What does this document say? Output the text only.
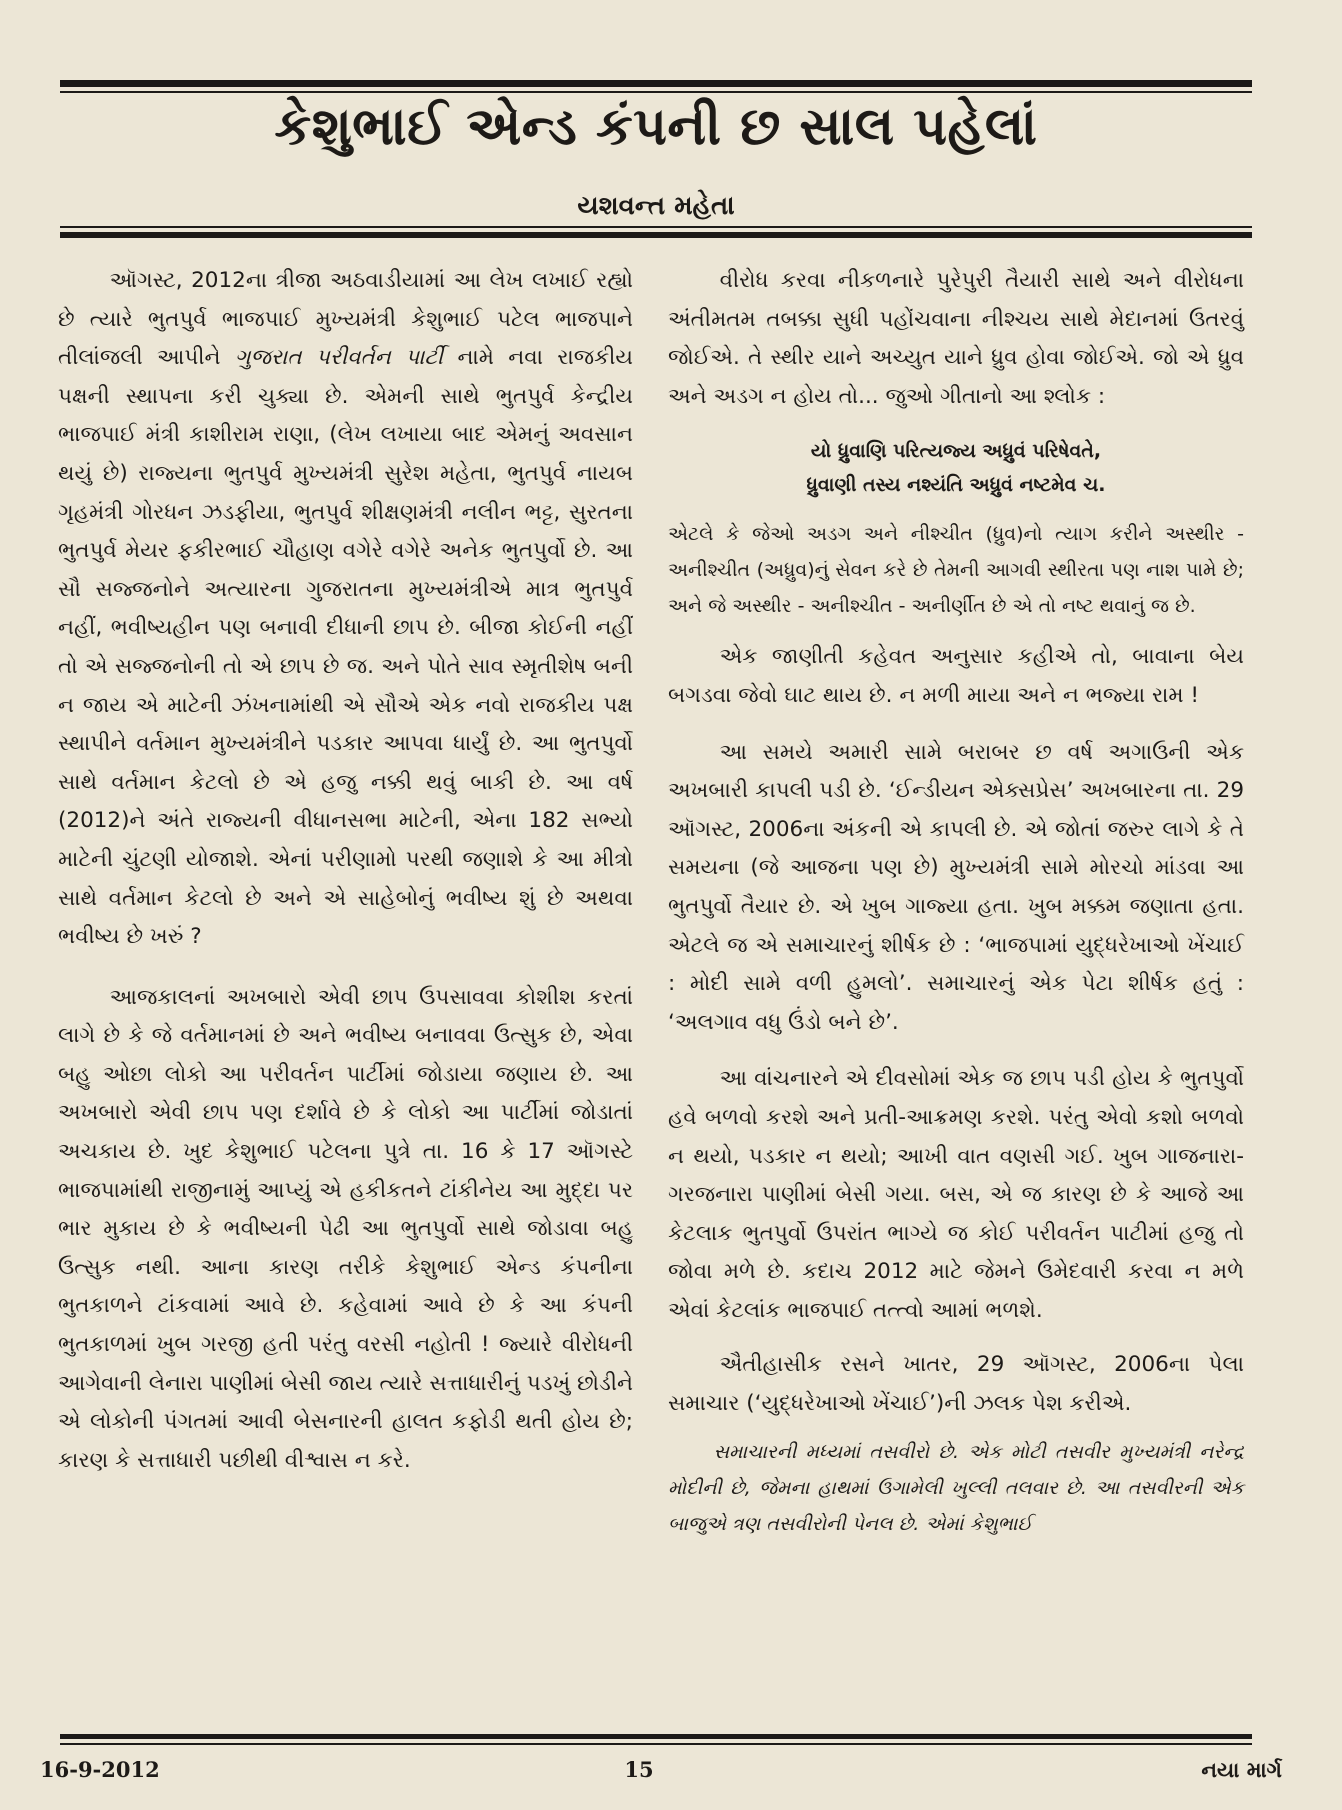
કેશુભાઈ એન્ડ કંપની છ સાલ પહેલાં
યશવન્ત મહેતા

ઑગસ્ટ, 2012ના ત્રીજા અઠવાડીયામાં આ લેખ લખાઈ રહ્યો છે ત્યારે ભુતપુર્વ ભાજપાઈ મુખ્યમંત્રી કેશુભાઈ પટેલ ભાજપાને તીલાંજલી આપીને ગુજરાત પરીવર્તન પાર્ટી નામે નવા રાજકીય પક્ષની સ્થાપના કરી ચુક્યા છે. એમની સાથે ભુતપુર્વ કેન્દ્રીય ભાજપાઈ મંત્રી કાશીરામ રાણા, (લેખ લખાયા બાદ એમનું અવસાન થયું છે) રાજ્યના ભુતપુર્વ મુખ્યમંત્રી સુરેશ મહેતા, ભુતપુર્વ નાયબ ગૃહમંત્રી ગોરધન ઝડફીયા, ભુતપુર્વ શીક્ષણમંત્રી નલીન ભટ્ટ, સુરતના ભુતપુર્વ મેયર ફકીરભાઈ ચૌહાણ વગેરે વગેરે અનેક ભુતપુર્વો છે. આ સૌ સજ્જનોને અત્યારના ગુજરાતના મુખ્યમંત્રીએ માત્ર ભુતપુર્વ નહીં, ભવીષ્યહીન પણ બનાવી દીધાની છાપ છે. બીજા કોઈની નહીં તો એ સજ્જનોની તો એ છાપ છે જ. અને પોતે સાવ સ્મૃતીશેષ બની ન જાય એ માટેની ઝંખનામાંથી એ સૌએ એક નવો રાજકીય પક્ષ સ્થાપીને વર્તમાન મુખ્યમંત્રીને પડકાર આપવા ધાર્યું છે. આ ભુતપુર્વો સાથે વર્તમાન કેટલો છે એ હજુ નક્કી થવું બાકી છે. આ વર્ષ (2012)ને અંતે રાજ્યની વીધાનસભા માટેની, એના 182 સભ્યો માટેની ચુંટણી યોજાશે. એનાં પરીણામો પરથી જણાશે કે આ મીત્રો સાથે વર્તમાન કેટલો છે અને એ સાહેબોનું ભવીષ્ય શું છે અથવા ભવીષ્ય છે ખરું ?

આજકાલનાં અખબારો એવી છાપ ઉપસાવવા કોશીશ કરતાં લાગે છે કે જે વર્તમાનમાં છે અને ભવીષ્ય બનાવવા ઉત્સુક છે, એવા બહુ ઓછા લોકો આ પરીવર્તન પાર્ટીમાં જોડાયા જણાય છે. આ અખબારો એવી છાપ પણ દર્શાવે છે કે લોકો આ પાર્ટીમાં જોડાતાં અચકાય છે. ખુદ કેશુભાઈ પટેલના પુત્રે તા. 16 કે 17 ઑગસ્ટે ભાજપામાંથી રાજીનામું આપ્યું એ હકીકતને ટાંકીનેય આ મુદ્દા પર ભાર મુકાય છે કે ભવીષ્યની પેઢી આ ભુતપુર્વો સાથે જોડાવા બહુ ઉત્સુક નથી. આના કારણ તરીકે કેશુભાઈ એન્ડ કંપનીના ભુતકાળને ટાંકવામાં આવે છે. કહેવામાં આવે છે કે આ કંપની ભુતકાળમાં ખુબ ગરજી હતી પરંતુ વરસી નહોતી ! જ્યારે વીરોધની આગેવાની લેનારા પાણીમાં બેસી જાય ત્યારે સત્તાધારીનું પડખું છોડીને એ લોકોની પંગતમાં આવી બેસનારની હાલત કફોડી થતી હોય છે; કારણ કે સત્તાધારી પછીથી વીશ્વાસ ન કરે.

વીરોધ કરવા નીકળનારે પુરેપુરી તૈયારી સાથે અને વીરોધના અંતીમતમ તબક્કા સુધી પહોંચવાના નીશ્ચય સાથે મેદાનમાં ઉતરવું જોઈએ. તે સ્થીર યાને અચ્યુત યાને ધ્રુવ હોવા જોઈએ. જો એ ધ્રુવ અને અડગ ન હોય તો... જુઓ ગીતાનો આ શ્લોક :

યો ધ્રુવાણિ પરિત્યજ્ય અધ્રુવં પરિષેવતે,
ધ્રુવાણી તસ્ય નશ્યંતિ અધ્રુવં નષ્ટમેવ ચ.
એટલે કે જેઓ અડગ અને નીશ્ચીત (ધ્રુવ)નો ત્યાગ કરીને અસ્થીર - અનીશ્ચીત (અધ્રુવ)નું સેવન કરે છે તેમની આગવી સ્થીરતા પણ નાશ પામે છે; અને જે અસ્થીર - અનીશ્ચીત - અનીર્ણીત છે એ તો નષ્ટ થવાનું જ છે.

એક જાણીતી કહેવત અનુસાર કહીએ તો, બાવાના બેય બગડવા જેવો ઘાટ થાય છે. ન મળી માયા અને ન ભજ્યા રામ !

આ સમયે અમારી સામે બરાબર છ વર્ષ અગાઉની એક અખબારી કાપલી પડી છે. ‘ઈન્ડીયન એક્સપ્રેસ’ અખબારના તા. 29 ઑગસ્ટ, 2006ના અંકની એ કાપલી છે. એ જોતાં જરુર લાગે કે તે સમયના (જે આજના પણ છે) મુખ્યમંત્રી સામે મોરચો માંડવા આ ભુતપુર્વો તૈયાર છે. એ ખુબ ગાજ્યા હતા. ખુબ મક્કમ જણાતા હતા. એટલે જ એ સમાચારનું શીર્ષક છે : ‘ભાજપામાં યુદ્ધરેખાઓ ખેંચાઈ : મોદી સામે વળી હુમલો’. સમાચારનું એક પેટા શીર્ષક હતું : ‘અલગાવ વધુ ઉંડો બને છે’.

આ વાંચનારને એ દીવસોમાં એક જ છાપ પડી હોય કે ભુતપુર્વો હવે બળવો કરશે અને પ્રતી-આક્રમણ કરશે. પરંતુ એવો કશો બળવો ન થયો, પડકાર ન થયો; આખી વાત વણસી ગઈ. ખુબ ગાજનારા-ગરજનારા પાણીમાં બેસી ગયા. બસ, એ જ કારણ છે કે આજે આ કેટલાક ભુતપુર્વો ઉપરાંત ભાગ્યે જ કોઈ પરીવર્તન પાટીમાં હજુ તો જોવા મળે છે. કદાચ 2012 માટે જેમને ઉમેદવારી કરવા ન મળે એવાં કેટલાંક ભાજપાઈ તત્ત્વો આમાં ભળશે.

ઐતીહાસીક રસને ખાતર, 29 ઑગસ્ટ, 2006ના પેલા સમાચાર (‘યુદ્ધરેખાઓ ખેંચાઈ’)ની ઝલક પેશ કરીએ.

સમાચારની મધ્યમાં તસવીરો છે. એક મોટી તસવીર મુખ્યમંત્રી નરેન્દ્ર મોદીની છે, જેમના હાથમાં ઉગામેલી ખુલ્લી તલવાર છે. આ તસવીરની એક બાજુએ ત્રણ તસવીરોની પેનલ છે. એમાં કેશુભાઈ

16-9-2012	15	નયા માર્ગ
